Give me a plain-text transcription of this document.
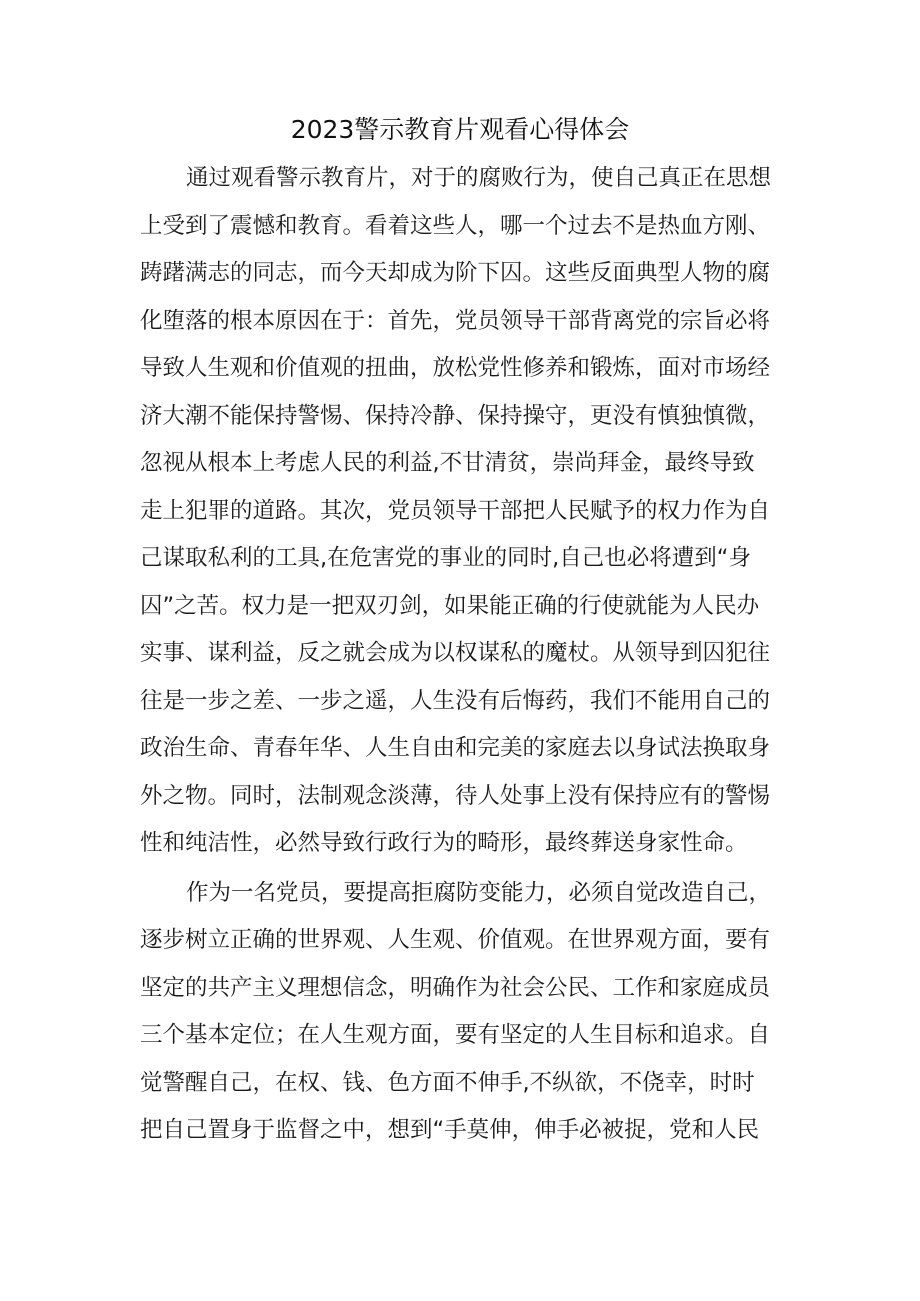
2023警示教育片观看心得体会
通过观看警示教育片，对于的腐败行为，使自己真正在思想
上受到了震憾和教育。看着这些人，哪一个过去不是热血方刚、
踌躇满志的同志，而今天却成为阶下囚。这些反面典型人物的腐
化堕落的根本原因在于：首先，党员领导干部背离党的宗旨必将
导致人生观和价值观的扭曲，放松党性修养和锻炼，面对市场经
济大潮不能保持警惕、保持冷静、保持操守，更没有慎独慎微，
忽视从根本上考虑人民的利益,不甘清贫，崇尚拜金，最终导致
走上犯罪的道路。其次，党员领导干部把人民赋予的权力作为自
己谋取私利的工具,在危害党的事业的同时,自己也必将遭到“身
囚”之苦。权力是一把双刃剑，如果能正确的行使就能为人民办
实事、谋利益，反之就会成为以权谋私的魔杖。从领导到囚犯往
往是一步之差、一步之遥，人生没有后悔药，我们不能用自己的
政治生命、青春年华、人生自由和完美的家庭去以身试法换取身
外之物。同时，法制观念淡薄，待人处事上没有保持应有的警惕
性和纯洁性，必然导致行政行为的畸形，最终葬送身家性命。
作为一名党员，要提高拒腐防变能力，必须自觉改造自己，
逐步树立正确的世界观、人生观、价值观。在世界观方面，要有
坚定的共产主义理想信念，明确作为社会公民、工作和家庭成员
三个基本定位；在人生观方面，要有坚定的人生目标和追求。自
觉警醒自己，在权、钱、色方面不伸手,不纵欲，不侥幸，时时
把自己置身于监督之中，想到“手莫伸，伸手必被捉，党和人民
